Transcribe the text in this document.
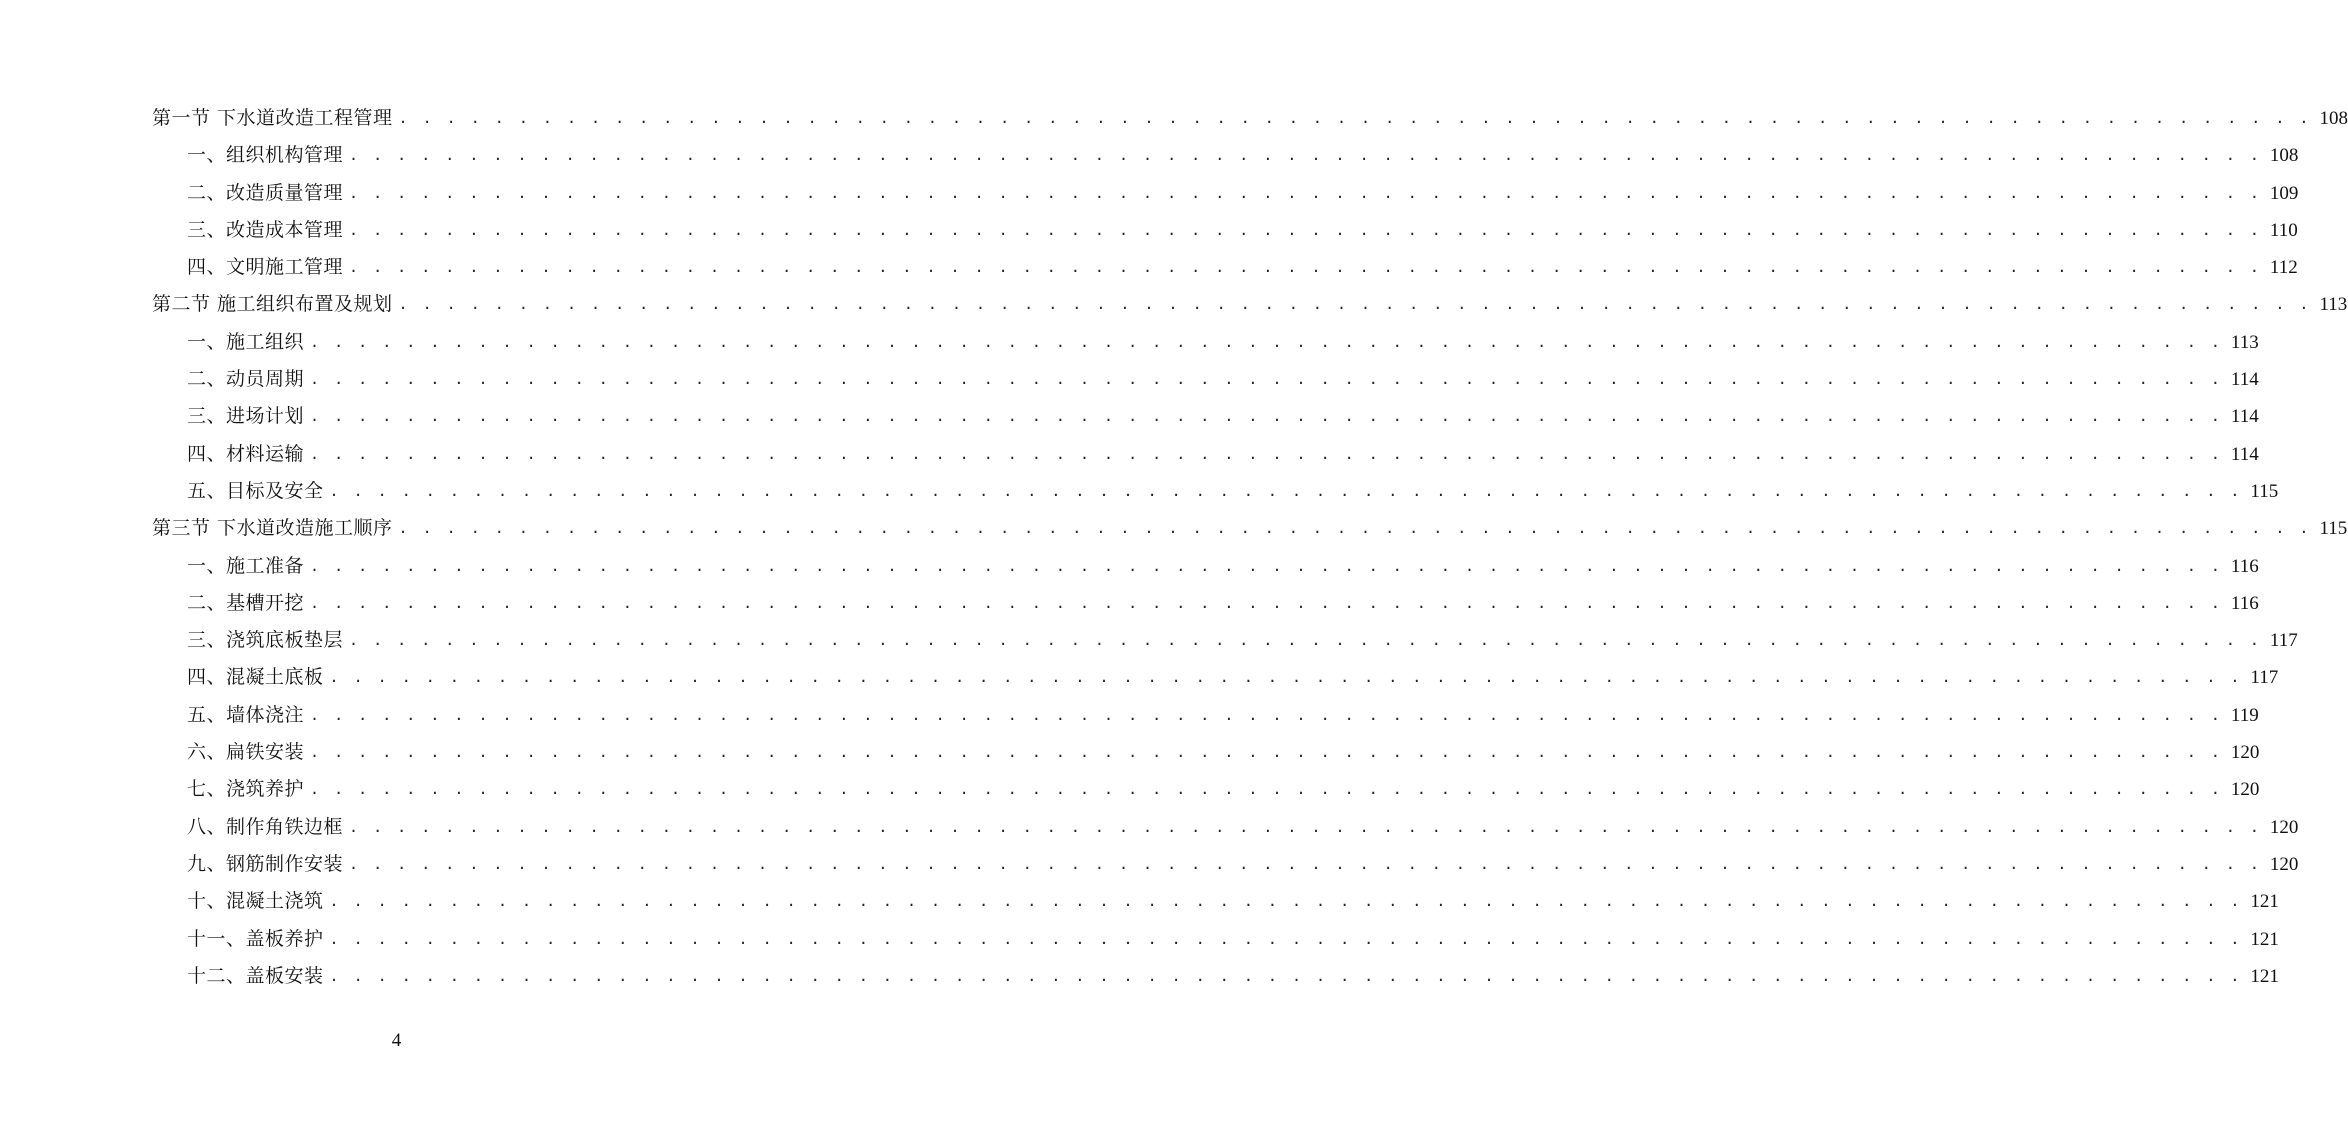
第一节 下水道改造工程管理 . . . . . . . . . . . . . . . . . . . . . . . . . . . . . . . . . . . . . . . . . . . . . . . . . . . . . . . . . . . . . . . . . . . . . . . . . . . . . . . . 108
一、组织机构管理 . . . . . . . . . . . . . . . . . . . . . . . . . . . . . . . . . . . . . . . . . . . . . . . . . . . . . . . . . . . . . . . . . . . . . . . . . . . . . . . . 108
二、改造质量管理 . . . . . . . . . . . . . . . . . . . . . . . . . . . . . . . . . . . . . . . . . . . . . . . . . . . . . . . . . . . . . . . . . . . . . . . . . . . . . . . . 109
三、改造成本管理 . . . . . . . . . . . . . . . . . . . . . . . . . . . . . . . . . . . . . . . . . . . . . . . . . . . . . . . . . . . . . . . . . . . . . . . . . . . . . . . . 110
四、文明施工管理 . . . . . . . . . . . . . . . . . . . . . . . . . . . . . . . . . . . . . . . . . . . . . . . . . . . . . . . . . . . . . . . . . . . . . . . . . . . . . . . . 112
第二节 施工组织布置及规划 . . . . . . . . . . . . . . . . . . . . . . . . . . . . . . . . . . . . . . . . . . . . . . . . . . . . . . . . . . . . . . . . . . . . . . . . . . . . . . . . 113
一、施工组织 . . . . . . . . . . . . . . . . . . . . . . . . . . . . . . . . . . . . . . . . . . . . . . . . . . . . . . . . . . . . . . . . . . . . . . . . . . . . . . . . 113
二、动员周期 . . . . . . . . . . . . . . . . . . . . . . . . . . . . . . . . . . . . . . . . . . . . . . . . . . . . . . . . . . . . . . . . . . . . . . . . . . . . . . . . 114
三、进场计划 . . . . . . . . . . . . . . . . . . . . . . . . . . . . . . . . . . . . . . . . . . . . . . . . . . . . . . . . . . . . . . . . . . . . . . . . . . . . . . . . 114
四、材料运输 . . . . . . . . . . . . . . . . . . . . . . . . . . . . . . . . . . . . . . . . . . . . . . . . . . . . . . . . . . . . . . . . . . . . . . . . . . . . . . . . 114
五、目标及安全 . . . . . . . . . . . . . . . . . . . . . . . . . . . . . . . . . . . . . . . . . . . . . . . . . . . . . . . . . . . . . . . . . . . . . . . . . . . . . . . . 115
第三节 下水道改造施工顺序 . . . . . . . . . . . . . . . . . . . . . . . . . . . . . . . . . . . . . . . . . . . . . . . . . . . . . . . . . . . . . . . . . . . . . . . . . . . . . . . . 115
一、施工准备 . . . . . . . . . . . . . . . . . . . . . . . . . . . . . . . . . . . . . . . . . . . . . . . . . . . . . . . . . . . . . . . . . . . . . . . . . . . . . . . . 116
二、基槽开挖 . . . . . . . . . . . . . . . . . . . . . . . . . . . . . . . . . . . . . . . . . . . . . . . . . . . . . . . . . . . . . . . . . . . . . . . . . . . . . . . . 116
三、浇筑底板垫层 . . . . . . . . . . . . . . . . . . . . . . . . . . . . . . . . . . . . . . . . . . . . . . . . . . . . . . . . . . . . . . . . . . . . . . . . . . . . . . . . 117
四、混凝土底板 . . . . . . . . . . . . . . . . . . . . . . . . . . . . . . . . . . . . . . . . . . . . . . . . . . . . . . . . . . . . . . . . . . . . . . . . . . . . . . . . 117
五、墙体浇注 . . . . . . . . . . . . . . . . . . . . . . . . . . . . . . . . . . . . . . . . . . . . . . . . . . . . . . . . . . . . . . . . . . . . . . . . . . . . . . . . 119
六、扁铁安装 . . . . . . . . . . . . . . . . . . . . . . . . . . . . . . . . . . . . . . . . . . . . . . . . . . . . . . . . . . . . . . . . . . . . . . . . . . . . . . . . 120
七、浇筑养护 . . . . . . . . . . . . . . . . . . . . . . . . . . . . . . . . . . . . . . . . . . . . . . . . . . . . . . . . . . . . . . . . . . . . . . . . . . . . . . . . 120
八、制作角铁边框 . . . . . . . . . . . . . . . . . . . . . . . . . . . . . . . . . . . . . . . . . . . . . . . . . . . . . . . . . . . . . . . . . . . . . . . . . . . . . . . . 120
九、钢筋制作安装 . . . . . . . . . . . . . . . . . . . . . . . . . . . . . . . . . . . . . . . . . . . . . . . . . . . . . . . . . . . . . . . . . . . . . . . . . . . . . . . . 120
十、混凝土浇筑 . . . . . . . . . . . . . . . . . . . . . . . . . . . . . . . . . . . . . . . . . . . . . . . . . . . . . . . . . . . . . . . . . . . . . . . . . . . . . . . . 121
十一、盖板养护 . . . . . . . . . . . . . . . . . . . . . . . . . . . . . . . . . . . . . . . . . . . . . . . . . . . . . . . . . . . . . . . . . . . . . . . . . . . . . . . . 121
十二、盖板安装 . . . . . . . . . . . . . . . . . . . . . . . . . . . . . . . . . . . . . . . . . . . . . . . . . . . . . . . . . . . . . . . . . . . . . . . . . . . . . . . . 121
4
